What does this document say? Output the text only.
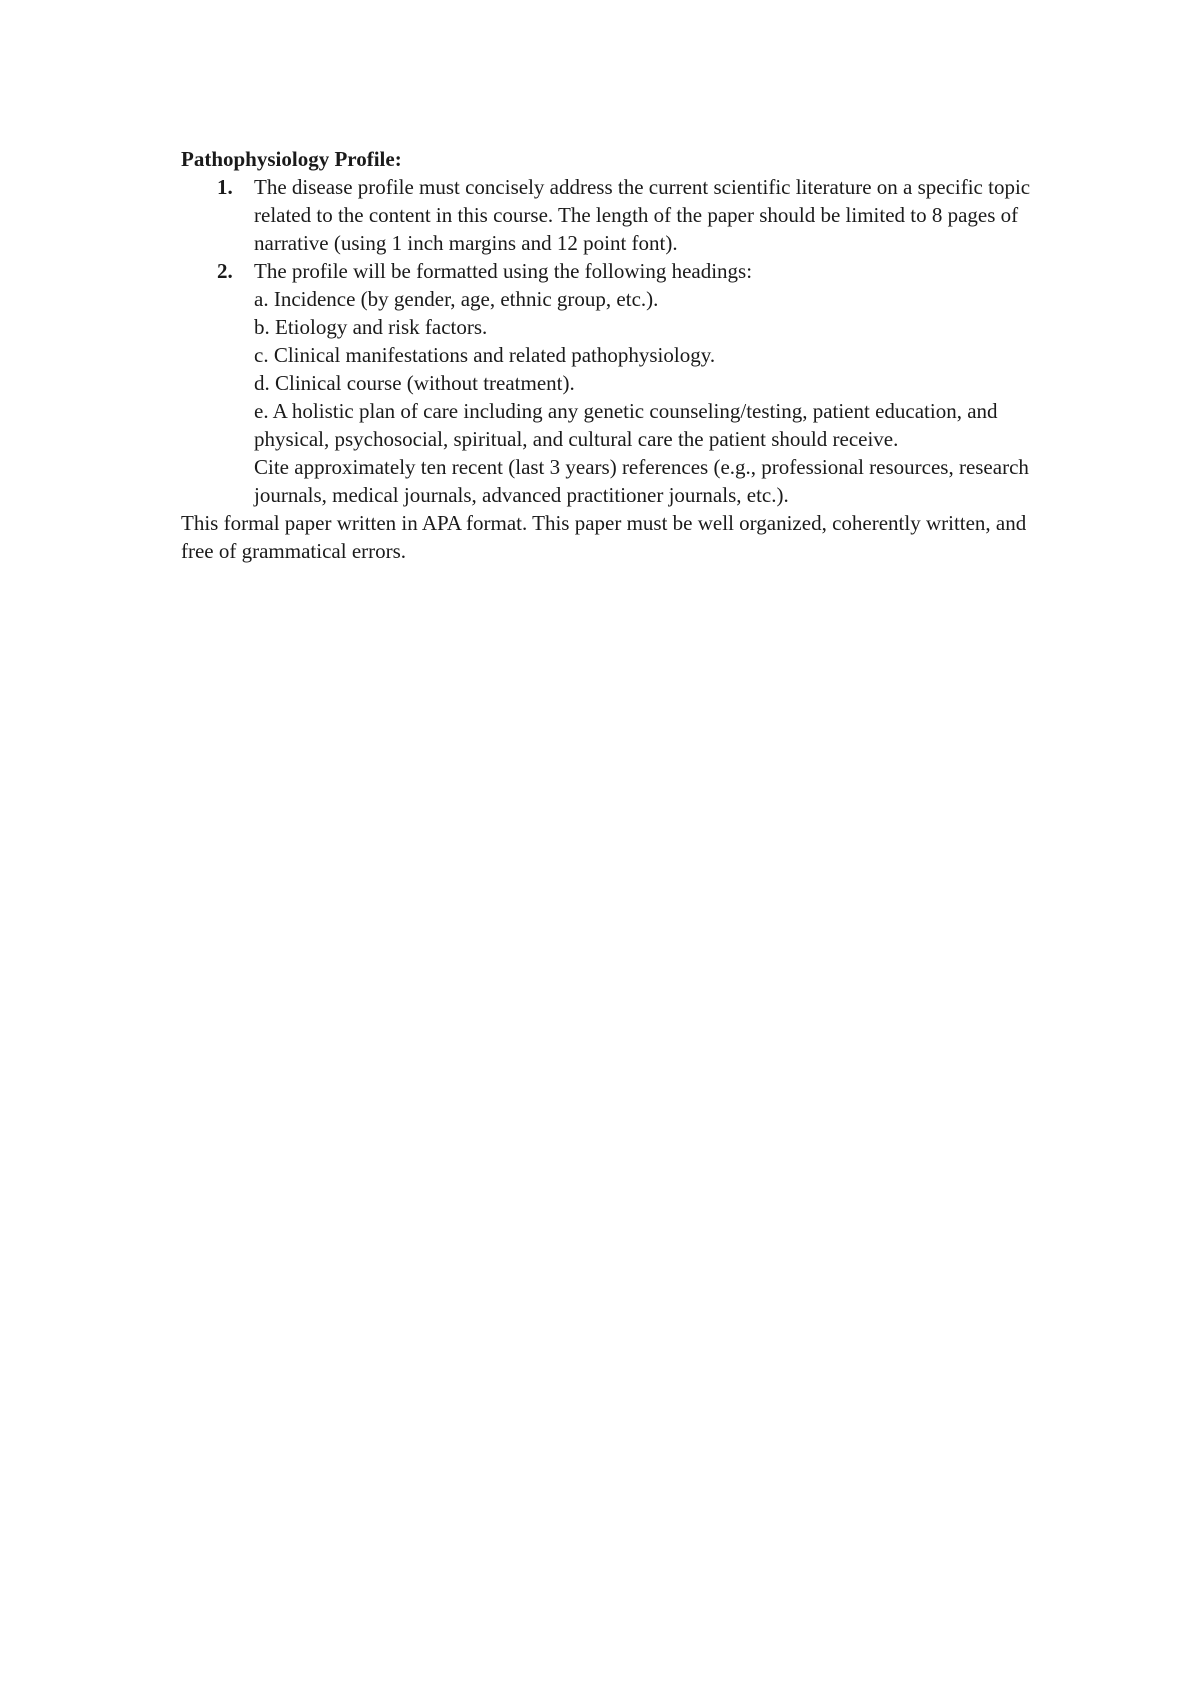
Pathophysiology Profile:

1. The disease profile must concisely address the current scientific literature on a specific topic related to the content in this course. The length of the paper should be limited to 8 pages of narrative (using 1 inch margins and 12 point font).
2. The profile will be formatted using the following headings:
a. Incidence (by gender, age, ethnic group, etc.).
b. Etiology and risk factors.
c. Clinical manifestations and related pathophysiology.
d. Clinical course (without treatment).
e. A holistic plan of care including any genetic counseling/testing, patient education, and physical, psychosocial, spiritual, and cultural care the patient should receive.
Cite approximately ten recent (last 3 years) references (e.g., professional resources, research journals, medical journals, advanced practitioner journals, etc.).

This formal paper written in APA format. This paper must be well organized, coherently written, and free of grammatical errors.
